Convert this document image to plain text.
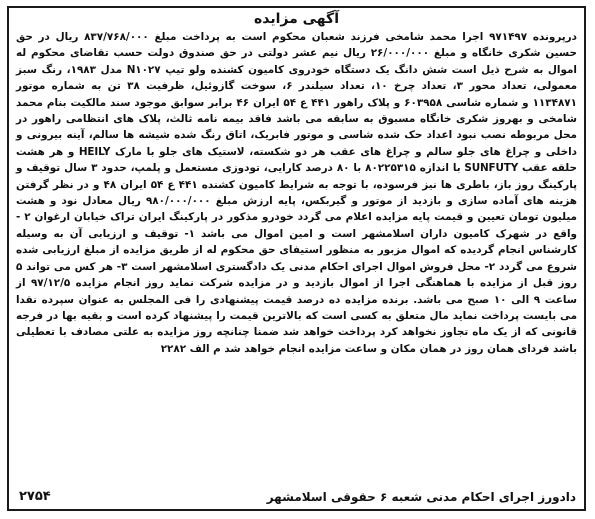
آگهی مزایده

درپرونده ۹۷۱۴۹۷ اجرا محمد شامخی فرزند شعبان محکوم است به پرداخت مبلغ ۸۳۷/۷۶۸/۰۰۰ ریال در حق حسین شکری خانگاه و مبلغ ۲۶/۰۰۰/۰۰۰ ریال نیم عشر دولتی در حق صندوق دولت حسب تقاضای محکوم له اموال به شرح ذیل است شش دانگ یک دستگاه خودروی کامیون کشنده ولو تیپ N۱۰۲۷ مدل ۱۹۸۳، رنگ سبز معمولی، تعداد محور ۳، تعداد چرخ ۱۰، تعداد سیلندر ۶، سوخت گازوئیل، ظرفیت ۳۸ تن به شماره موتور ۱۱۳۴۸۷۱ و شماره شاسی ۶۰۳۹۵۸ و پلاک راهور ۴۴۱ ع ۵۴ ایران ۴۶ برابر سوابق موجود سند مالکیت بنام محمد شامخی و بهروز شکری خانگاه مسبوق به سابقه می باشد فاقد بیمه نامه ثالث، پلاک های انتظامی راهور در محل مربوطه نصب نبود اعداد حک شده شاسی و موتور فابریک، اتاق رنگ شده شیشه ها سالم، آینه بیرونی و داخلی و چراغ های جلو سالم و چراغ های عقب هر دو شکسته، لاستیک های جلو با مارک HEILY و هر هشت حلقه عقب SUNFUTY با اندازه ۸۰۲۲۵۳۱۵ با ۸۰ درصد کارایی، تودوزی مستعمل و پلمپ، حدود ۳ سال توقیف و پارکینگ روز باز، باطری ها نیز فرسوده، با توجه به شرایط کامیون کشنده ۴۴۱ ع ۵۴ ایران ۴۸ و در نظر گرفتن هزینه های آماده سازی و بازدید از موتور و گیربکس، پایه ارزش مبلغ ۹۸۰/۰۰۰/۰۰۰ ریال معادل نود و هشت میلیون تومان تعیین و قیمت پایه مزایده اعلام می گردد خودرو مذکور در پارکینگ ایران تراک خیابان ارغوان ۲ - واقع در شهرک کامیون داران اسلامشهر است و امین اموال می باشد ۱- توقیف و ارزیابی آن به وسیله کارشناس انجام گردیده که اموال مزبور به منظور استیفای حق محکوم له از طریق مزایده از مبلغ ارزیابی شده شروع می گردد ۲- محل فروش اموال اجرای احکام مدنی یک دادگستری اسلامشهر است ۳- هر کس می تواند ۵ روز قبل از مزایده با هماهنگی اجرا از اموال بازدید و در مزایده شرکت نماید روز انجام مزایده ۹۷/۱۲/۵ از ساعت ۹ الی ۱۰ صبح می باشد. برنده مزایده ده درصد قیمت پیشنهادی را فی المجلس به عنوان سپرده نقدا می بایست پرداخت نماید مال متعلق به کسی است که بالاترین قیمت را پیشنهاد کرده است و بقیه بها در فرجه قانونی که از یک ماه تجاوز نخواهد کرد پرداخت خواهد شد ضمنا چنانچه روز مزایده به علتی مصادف با تعطیلی باشد فردای همان روز در همان مکان و ساعت مزایده انجام خواهد شد م الف ۲۲۸۲

دادورز اجرای احکام مدنی شعبه ۶ حقوقی اسلامشهر
۲۷۵۴
